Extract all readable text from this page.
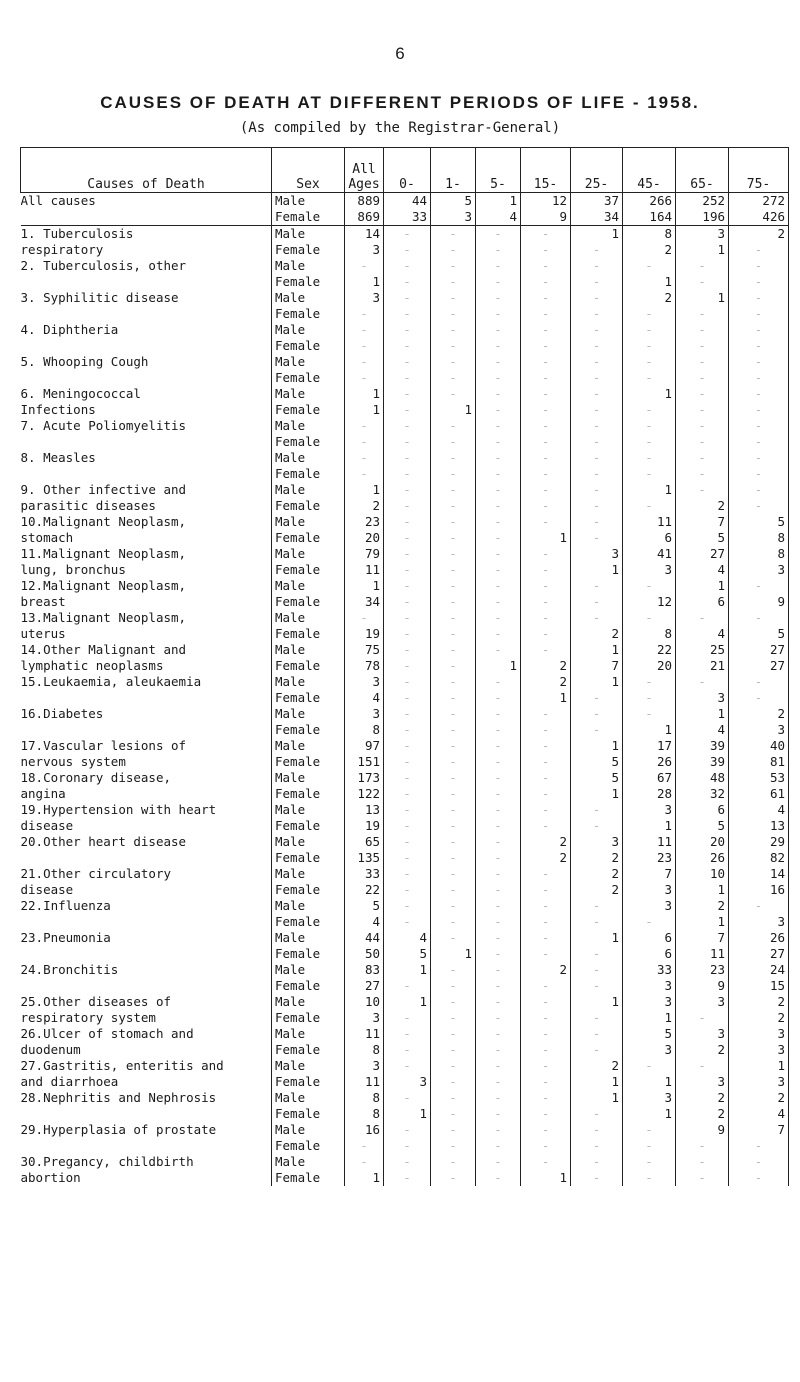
6
CAUSES OF DEATH AT DIFFERENT PERIODS OF LIFE - 1958.
(As compiled by the Registrar-General)
Causes of Death	Sex	All Ages	0-	1-	5-	15-	25-	45-	65-	75-
All causes	Male	889	44	5	1	12	37	266	252	272
	Female	869	33	3	4	9	34	164	196	426
1. Tuberculosis	Male	14	-	-	-	-	1	8	3	2
respiratory	Female	3	-	-	-	-	-	2	1	-
2. Tuberculosis, other	Male	-	-	-	-	-	-	-	-	-
	Female	1	-	-	-	-	-	1	-	-
3. Syphilitic disease	Male	3	-	-	-	-	-	2	1	-
	Female	-	-	-	-	-	-	-	-	-
4. Diphtheria	Male	-	-	-	-	-	-	-	-	-
	Female	-	-	-	-	-	-	-	-	-
5. Whooping Cough	Male	-	-	-	-	-	-	-	-	-
	Female	-	-	-	-	-	-	-	-	-
6. Meningococcal	Male	1	-	-	-	-	-	1	-	-
Infections	Female	1	-	1	-	-	-	-	-	-
7. Acute Poliomyelitis	Male	-	-	-	-	-	-	-	-	-
	Female	-	-	-	-	-	-	-	-	-
8. Measles	Male	-	-	-	-	-	-	-	-	-
	Female	-	-	-	-	-	-	-	-	-
9. Other infective and	Male	1	-	-	-	-	-	1	-	-
parasitic diseases	Female	2	-	-	-	-	-	-	2	-
10.Malignant Neoplasm,	Male	23	-	-	-	-	-	11	7	5
stomach	Female	20	-	-	-	1	-	6	5	8
11.Malignant Neoplasm,	Male	79	-	-	-	-	3	41	27	8
lung, bronchus	Female	11	-	-	-	-	1	3	4	3
12.Malignant Neoplasm,	Male	1	-	-	-	-	-	-	1	-
breast	Female	34	-	-	-	-	-	12	6	9
13.Malignant Neoplasm,	Male	-	-	-	-	-	-	-	-	-
uterus	Female	19	-	-	-	-	2	8	4	5
14.Other Malignant and	Male	75	-	-	-	-	1	22	25	27
lymphatic neoplasms	Female	78	-	-	1	2	7	20	21	27
15.Leukaemia, aleukaemia	Male	3	-	-	-	2	1	-	-	-
	Female	4	-	-	-	1	-	-	3	-
16.Diabetes	Male	3	-	-	-	-	-	-	1	2
	Female	8	-	-	-	-	-	1	4	3
17.Vascular lesions of	Male	97	-	-	-	-	1	17	39	40
nervous system	Female	151	-	-	-	-	5	26	39	81
18.Coronary disease,	Male	173	-	-	-	-	5	67	48	53
angina	Female	122	-	-	-	-	1	28	32	61
19.Hypertension with heart	Male	13	-	-	-	-	-	3	6	4
disease	Female	19	-	-	-	-	-	1	5	13
20.Other heart disease	Male	65	-	-	-	2	3	11	20	29
	Female	135	-	-	-	2	2	23	26	82
21.Other circulatory	Male	33	-	-	-	-	2	7	10	14
disease	Female	22	-	-	-	-	2	3	1	16
22.Influenza	Male	5	-	-	-	-	-	3	2	-
	Female	4	-	-	-	-	-	-	1	3
23.Pneumonia	Male	44	4	-	-	-	1	6	7	26
	Female	50	5	1	-	-	-	6	11	27
24.Bronchitis	Male	83	1	-	-	2	-	33	23	24
	Female	27	-	-	-	-	-	3	9	15
25.Other diseases of	Male	10	1	-	-	-	1	3	3	2
respiratory system	Female	3	-	-	-	-	-	1	-	2
26.Ulcer of stomach and	Male	11	-	-	-	-	-	5	3	3
duodenum	Female	8	-	-	-	-	-	3	2	3
27.Gastritis, enteritis and	Male	3	-	-	-	-	2	-	-	1
and diarrhoea	Female	11	3	-	-	-	1	1	3	3
28.Nephritis and Nephrosis	Male	8	-	-	-	-	1	3	2	2
	Female	8	1	-	-	-	-	1	2	4
29.Hyperplasia of prostate	Male	16	-	-	-	-	-	-	9	7
	Female	-	-	-	-	-	-	-	-	-
30.Pregancy, childbirth	Male	-	-	-	-	-	-	-	-	-
abortion	Female	1	-	-	-	1	-	-	-	-
